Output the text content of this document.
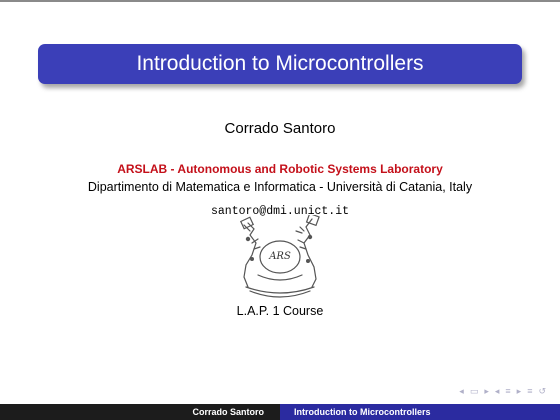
Introduction to Microcontrollers
Corrado Santoro
ARSLAB - Autonomous and Robotic Systems Laboratory
Dipartimento di Matematica e Informatica - Università di Catania, Italy
santoro@dmi.unict.it
ARS
L.A.P. 1 Course
◂ ▭ ▸ ◂ ≡ ▸ ≡ ↺
Corrado Santoro	Introduction to Microcontrollers
